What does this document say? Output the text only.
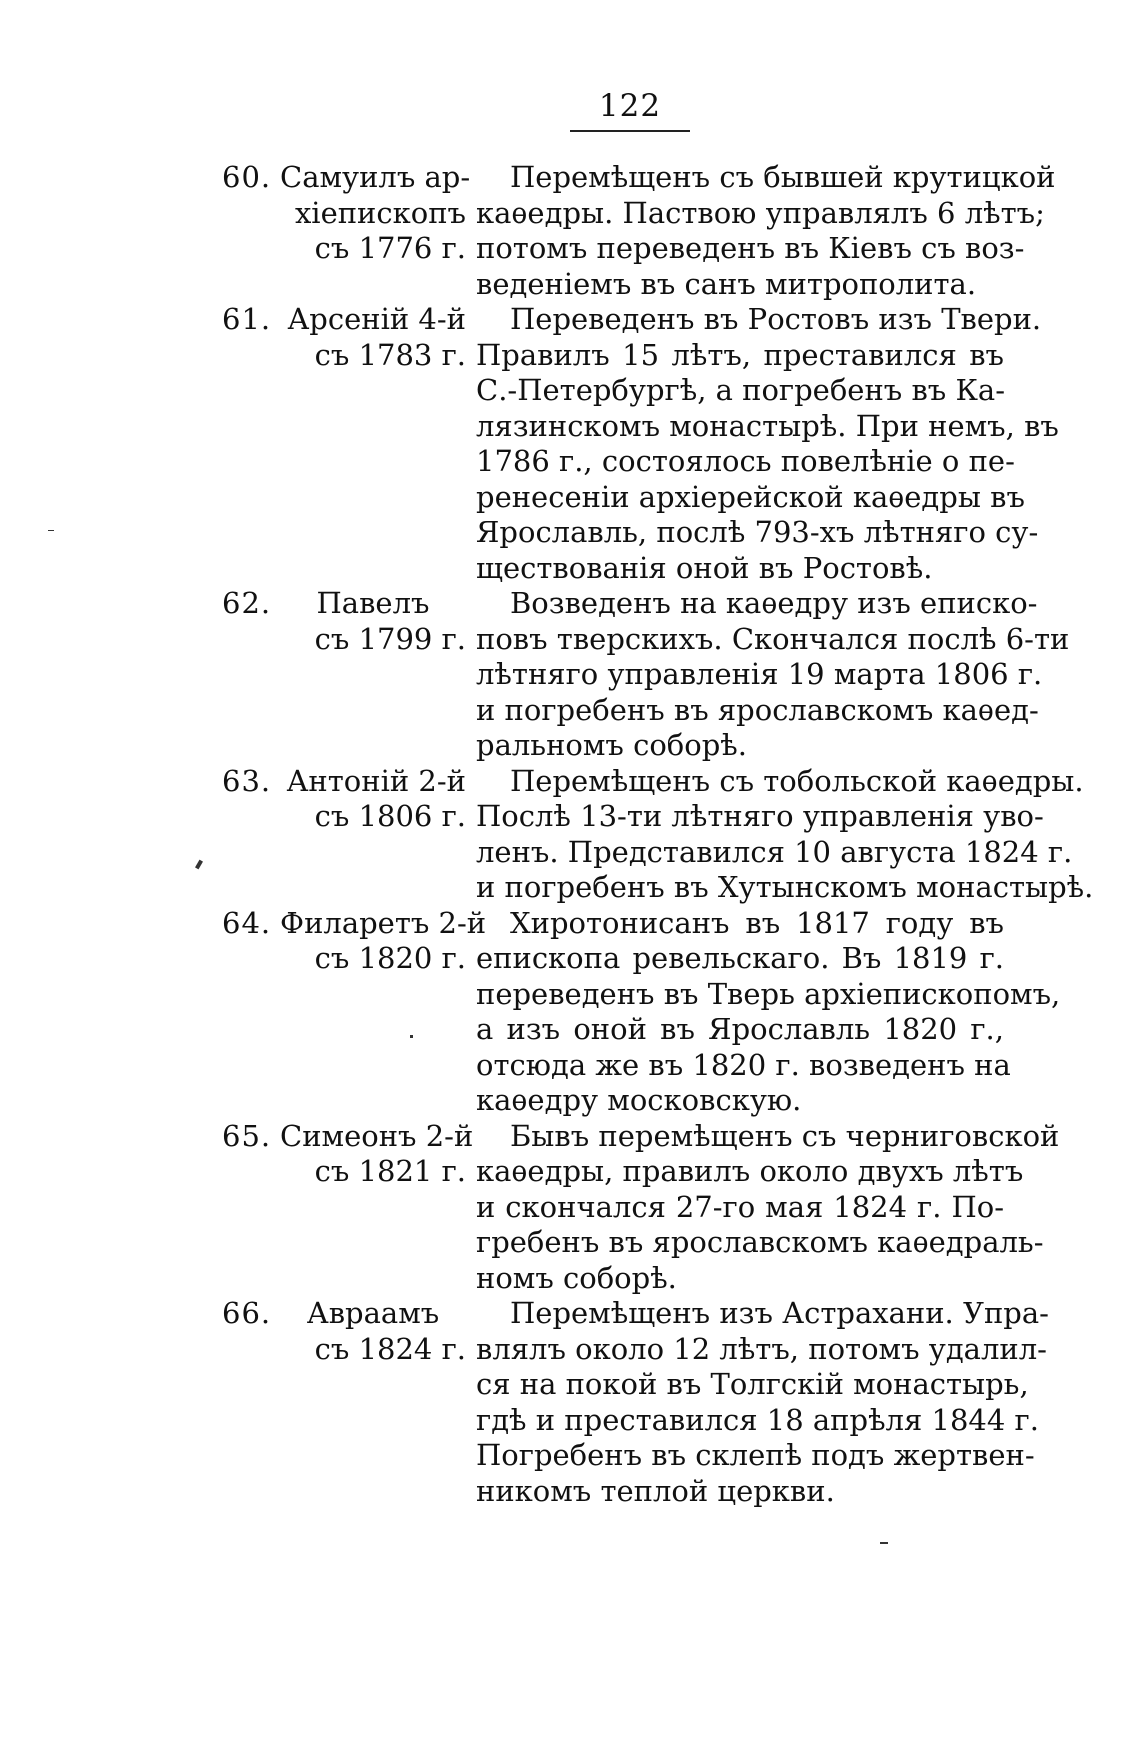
122
60. Самуилъ ар-
хіепископъ
съ 1776 г.
Перемѣщенъ съ бывшей крутицкой
каѳедры. Паствою управлялъ 6 лѣтъ;
потомъ переведенъ въ Кіевъ съ воз-
веденіемъ въ санъ митрополита.
61. Арсеній 4-й
съ 1783 г.
Переведенъ въ Ростовъ изъ Твери.
Правилъ 15 лѣтъ, преставился въ
С.-Петербургѣ, а погребенъ въ Ка-
лязинскомъ монастырѣ. При немъ, въ
1786 г., состоялось повелѣніе о пе-
ренесеніи архіерейской каѳедры въ
Ярославль, послѣ 793-хъ лѣтняго су-
ществованія оной въ Ростовѣ.
62.	Павелъ
съ 1799 г.
Возведенъ на каѳедру изъ еписко-
повъ тверскихъ. Скончался послѣ 6-ти
лѣтняго управленія 19 марта 1806 г.
и погребенъ въ ярославскомъ каѳед-
ральномъ соборѣ.
63. Антоній 2-й
съ 1806 г.
Перемѣщенъ съ тобольской каѳедры.
Послѣ 13-ти лѣтняго управленія уво-
ленъ. Представился 10 августа 1824 г.
и погребенъ въ Хутынскомъ монастырѣ.
64. Филаретъ 2-й
съ 1820 г.
Хиротонисанъ въ 1817 году въ
епископа ревельскаго. Въ 1819 г.
переведенъ въ Тверь архіепископомъ,
а изъ оной въ Ярославль 1820 г.,
отсюда же въ 1820 г. возведенъ на
каѳедру московскую.
65. Симеонъ 2-й
съ 1821 г.
Бывъ перемѣщенъ съ черниговской
каѳедры, правилъ около двухъ лѣтъ
и скончался 27-го мая 1824 г. По-
гребенъ въ ярославскомъ каѳедраль-
номъ соборѣ.
66.	Авраамъ
съ 1824 г.
Перемѣщенъ изъ Астрахани. Упра-
влялъ около 12 лѣтъ, потомъ удалил-
ся на покой въ Толгскій монастырь,
гдѣ и преставился 18 апрѣля 1844 г.
Погребенъ въ склепѣ подъ жертвен-
никомъ теплой церкви.
